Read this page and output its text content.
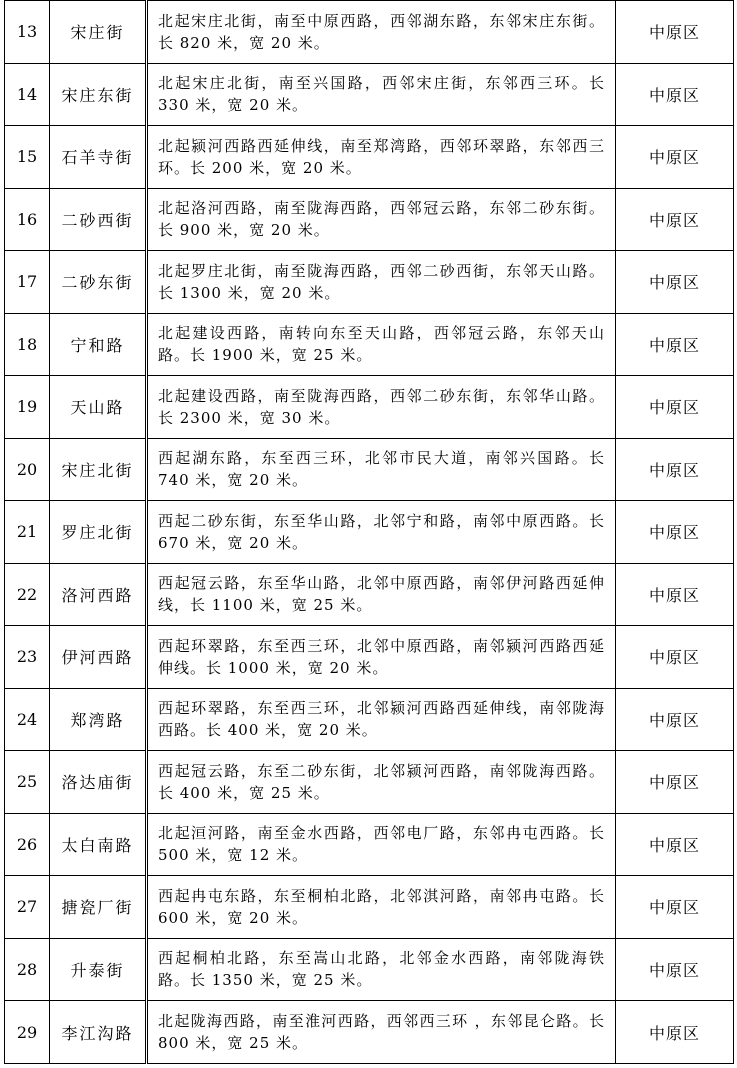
13	宋庄街	北起宋庄北街，南至中原西路，西邻湖东路，东邻宋庄东街。长 820 米，宽 20 米。	中原区
14	宋庄东街	北起宋庄北街，南至兴国路，西邻宋庄街，东邻西三环。长 330 米，宽 20 米。	中原区
15	石羊寺街	北起颍河西路西延伸线，南至郑湾路，西邻环翠路，东邻西三环。长 200 米，宽 20 米。	中原区
16	二砂西街	北起洛河西路，南至陇海西路，西邻冠云路，东邻二砂东街。长 900 米，宽 20 米。	中原区
17	二砂东街	北起罗庄北街，南至陇海西路，西邻二砂西街，东邻天山路。长 1300 米，宽 20 米。	中原区
18	宁和路	北起建设西路，南转向东至天山路，西邻冠云路，东邻天山路。长 1900 米，宽 25 米。	中原区
19	天山路	北起建设西路，南至陇海西路，西邻二砂东街，东邻华山路。长 2300 米，宽 30 米。	中原区
20	宋庄北街	西起湖东路，东至西三环，北邻市民大道，南邻兴国路。长 740 米，宽 20 米。	中原区
21	罗庄北街	西起二砂东街，东至华山路，北邻宁和路，南邻中原西路。长 670 米，宽 20 米。	中原区
22	洛河西路	西起冠云路，东至华山路，北邻中原西路，南邻伊河路西延伸线，长 1100 米，宽 25 米。	中原区
23	伊河西路	西起环翠路，东至西三环，北邻中原西路，南邻颍河西路西延伸线。长 1000 米，宽 20 米。	中原区
24	郑湾路	西起环翠路，东至西三环，北邻颍河西路西延伸线，南邻陇海西路。长 400 米，宽 20 米。	中原区
25	洛达庙街	西起冠云路，东至二砂东街，北邻颍河西路，南邻陇海西路。长 400 米，宽 25 米。	中原区
26	太白南路	北起洹河路，南至金水西路，西邻电厂路，东邻冉屯西路。长 500 米，宽 12 米。	中原区
27	搪瓷厂街	西起冉屯东路，东至桐柏北路，北邻淇河路，南邻冉屯路。长 600 米，宽 20 米。	中原区
28	升泰街	西起桐柏北路，东至嵩山北路，北邻金水西路，南邻陇海铁路。长 1350 米，宽 25 米。	中原区
29	李江沟路	北起陇海西路，南至淮河西路，西邻西三环 ，东邻昆仑路。长 800 米，宽 25 米。	中原区
